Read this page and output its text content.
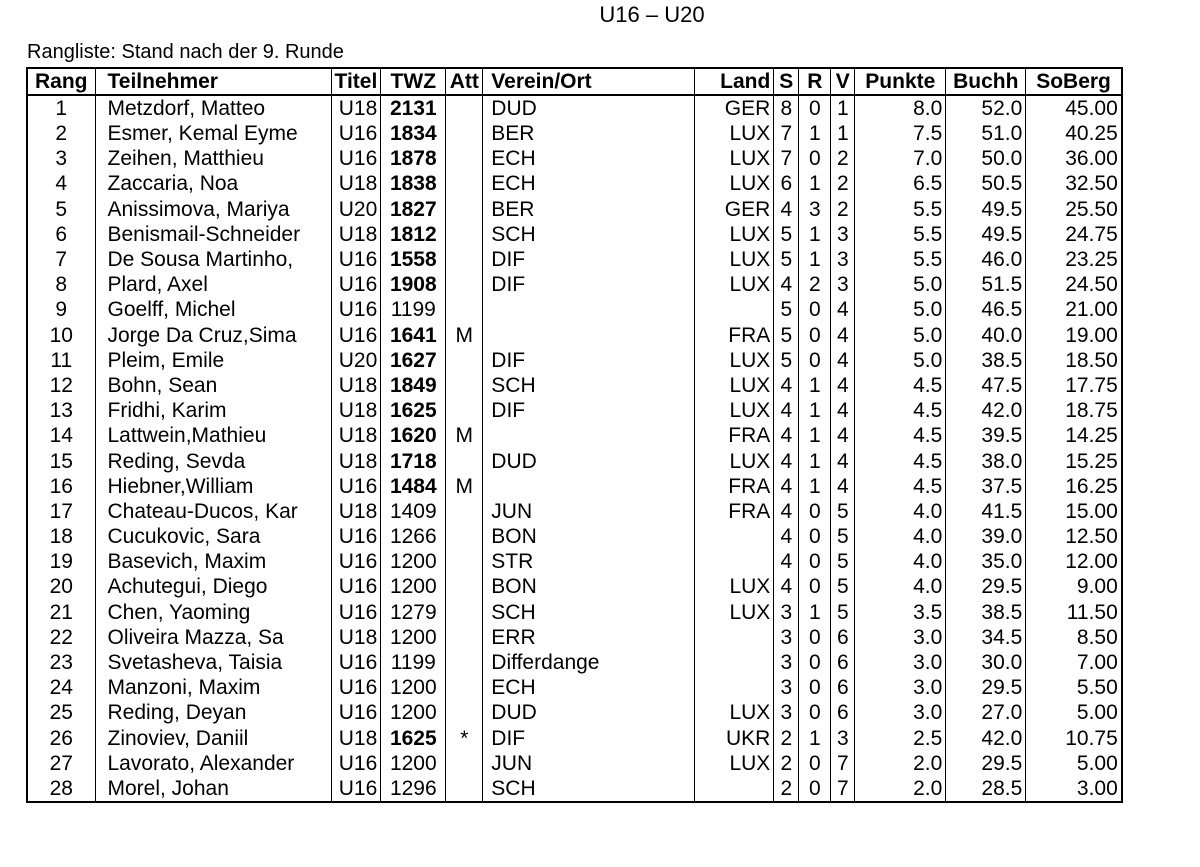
U16 – U20
Rangliste: Stand nach der 9. Runde
Rang	Teilnehmer	Titel	TWZ	Att	Verein/Ort	Land	S	R	V	Punkte	Buchh	SoBerg
1	Metzdorf, Matteo	U18	2131		DUD	GER	8	0	1	8.0	52.0	45.00
2	Esmer, Kemal Eyme	U16	1834		BER	LUX	7	1	1	7.5	51.0	40.25
3	Zeihen, Matthieu	U16	1878		ECH	LUX	7	0	2	7.0	50.0	36.00
4	Zaccaria, Noa	U18	1838		ECH	LUX	6	1	2	6.5	50.5	32.50
5	Anissimova, Mariya	U20	1827		BER	GER	4	3	2	5.5	49.5	25.50
6	Benismail-Schneider	U18	1812		SCH	LUX	5	1	3	5.5	49.5	24.75
7	De Sousa Martinho,	U16	1558		DIF	LUX	5	1	3	5.5	46.0	23.25
8	Plard, Axel	U16	1908		DIF	LUX	4	2	3	5.0	51.5	24.50
9	Goelff, Michel	U16	1199				5	0	4	5.0	46.5	21.00
10	Jorge Da Cruz,Sima	U16	1641	M		FRA	5	0	4	5.0	40.0	19.00
11	Pleim, Emile	U20	1627		DIF	LUX	5	0	4	5.0	38.5	18.50
12	Bohn, Sean	U18	1849		SCH	LUX	4	1	4	4.5	47.5	17.75
13	Fridhi, Karim	U18	1625		DIF	LUX	4	1	4	4.5	42.0	18.75
14	Lattwein,Mathieu	U18	1620	M		FRA	4	1	4	4.5	39.5	14.25
15	Reding, Sevda	U18	1718		DUD	LUX	4	1	4	4.5	38.0	15.25
16	Hiebner,William	U16	1484	M		FRA	4	1	4	4.5	37.5	16.25
17	Chateau-Ducos, Kar	U18	1409		JUN	FRA	4	0	5	4.0	41.5	15.00
18	Cucukovic, Sara	U16	1266		BON		4	0	5	4.0	39.0	12.50
19	Basevich, Maxim	U16	1200		STR		4	0	5	4.0	35.0	12.00
20	Achutegui, Diego	U16	1200		BON	LUX	4	0	5	4.0	29.5	9.00
21	Chen, Yaoming	U16	1279		SCH	LUX	3	1	5	3.5	38.5	11.50
22	Oliveira Mazza, Sa	U18	1200		ERR		3	0	6	3.0	34.5	8.50
23	Svetasheva, Taisia	U16	1199		Differdange		3	0	6	3.0	30.0	7.00
24	Manzoni, Maxim	U16	1200		ECH		3	0	6	3.0	29.5	5.50
25	Reding, Deyan	U16	1200		DUD	LUX	3	0	6	3.0	27.0	5.00
26	Zinoviev, Daniil	U18	1625	*	DIF	UKR	2	1	3	2.5	42.0	10.75
27	Lavorato, Alexander	U16	1200		JUN	LUX	2	0	7	2.0	29.5	5.00
28	Morel, Johan	U16	1296		SCH		2	0	7	2.0	28.5	3.00
